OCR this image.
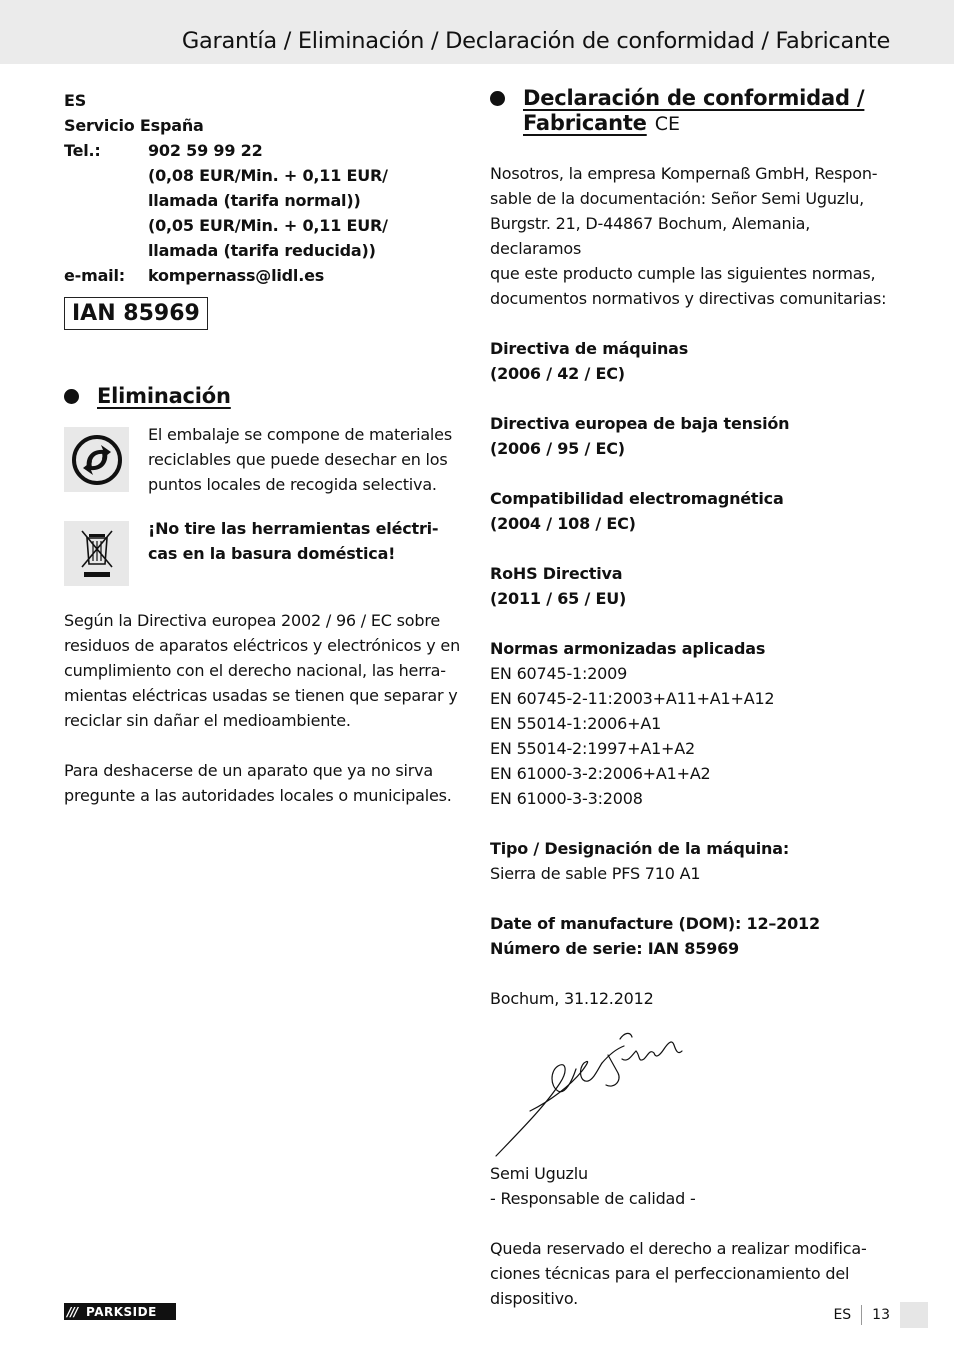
Garantía / Eliminación / Declaración de conformidad / Fabricante
ES
Servicio España
Tel.:	902 59 99 22
(0,08 EUR/Min. + 0,11 EUR/
llamada (tarifa normal))
(0,05 EUR/Min. + 0,11 EUR/
llamada (tarifa reducida))
e-mail:	kompernass@lidl.es
IAN 85969
Eliminación
El embalaje se compone de materiales
reciclables que puede desechar en los
puntos locales de recogida selectiva.
¡No tire las herramientas eléctri-
cas en la basura doméstica!
Según la Directiva europea 2002 / 96 / EC sobre
residuos de aparatos eléctricos y electrónicos y en
cumplimiento con el derecho nacional, las herra-
mientas eléctricas usadas se tienen que separar y
reciclar sin dañar el medioambiente.
Para deshacerse de un aparato que ya no sirva
pregunte a las autoridades locales o municipales.
Declaración de conformidad /
Fabricante CE
Nosotros, la empresa Kompernaß GmbH, Respon-
sable de la documentación: Señor Semi Uguzlu,
Burgstr. 21, D-44867 Bochum, Alemania, declaramos
que este producto cumple las siguientes normas,
documentos normativos y directivas comunitarias:
Directiva de máquinas
(2006 / 42 / EC)
Directiva europea de baja tensión
(2006 / 95 / EC)
Compatibilidad electromagnética
(2004 / 108 / EC)
RoHS Directiva
(2011 / 65 / EU)
Normas armonizadas aplicadas
EN 60745-1:2009
EN 60745-2-11:2003+A11+A1+A12
EN 55014-1:2006+A1
EN 55014-2:1997+A1+A2
EN 61000-3-2:2006+A1+A2
EN 61000-3-3:2008
Tipo / Designación de la máquina:
Sierra de sable PFS 710 A1
Date of manufacture (DOM): 12–2012
Número de serie: IAN 85969
Bochum, 31.12.2012
Semi Uguzlu
- Responsable de calidad -
Queda reservado el derecho a realizar modifica-
ciones técnicas para el perfeccionamiento del
dispositivo.
/// PARKSIDE	ES	13
